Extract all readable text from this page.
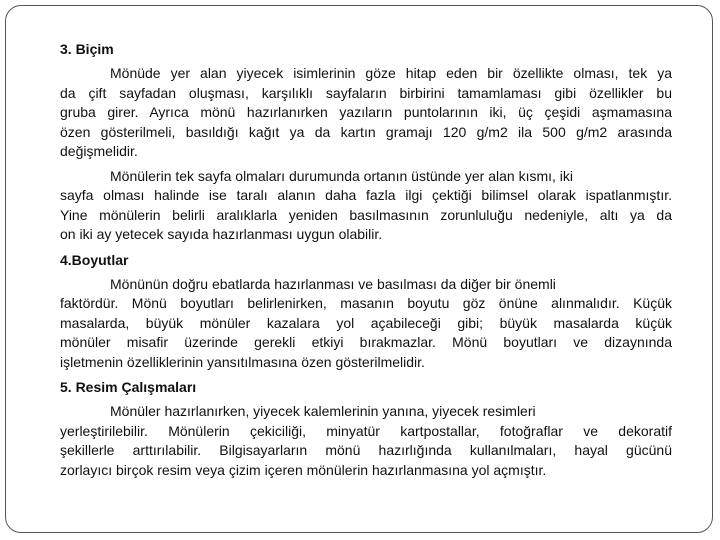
3. Biçim
Mönüde yer alan yiyecek isimlerinin göze hitap eden bir özellikte olması, tek ya
da çift sayfadan oluşması, karşılıklı sayfaların birbirini tamamlaması gibi özellikler bu
gruba girer. Ayrıca mönü hazırlanırken yazıların puntolarının iki, üç çeşidi aşmamasına
özen gösterilmeli, basıldığı kağıt ya da kartın gramajı 120 g/m2 ila 500 g/m2 arasında
değişmelidir.
Mönülerin tek sayfa olmaları durumunda ortanın üstünde yer alan kısmı, iki
sayfa olması halinde ise taralı alanın daha fazla ilgi çektiği bilimsel olarak ispatlanmıştır.
Yine mönülerin belirli aralıklarla yeniden basılmasının zorunluluğu nedeniyle, altı ya da
on iki ay yetecek sayıda hazırlanması uygun olabilir.
4.Boyutlar
Mönünün doğru ebatlarda hazırlanması ve basılması da diğer bir önemli
faktördür. Mönü boyutları belirlenirken, masanın boyutu göz önüne alınmalıdır. Küçük
masalarda, büyük mönüler kazalara yol açabileceği gibi; büyük masalarda küçük
mönüler misafir üzerinde gerekli etkiyi bırakmazlar. Mönü boyutları ve dizaynında
işletmenin özelliklerinin yansıtılmasına özen gösterilmelidir.
5. Resim Çalışmaları
Mönüler hazırlanırken, yiyecek kalemlerinin yanına, yiyecek resimleri
yerleştirilebilir. Mönülerin çekiciliği, minyatür kartpostallar, fotoğraflar ve dekoratif
şekillerle arttırılabilir. Bilgisayarların mönü hazırlığında kullanılmaları, hayal gücünü
zorlayıcı birçok resim veya çizim içeren mönülerin hazırlanmasına yol açmıştır.
